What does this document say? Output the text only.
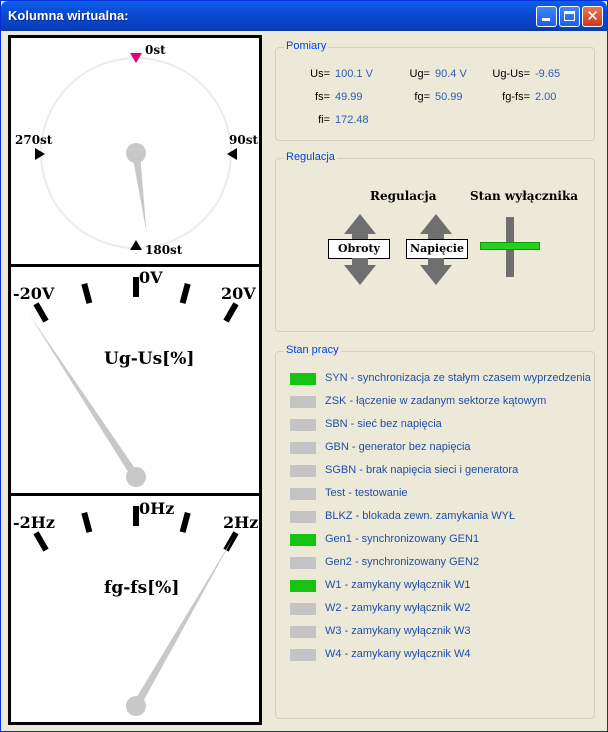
Kolumna wirtualna:	✕
0st
270st	90st
180st
-20V
0V
20V
Ug-Us[%]
-2Hz
0Hz
2Hz
fg-fs[%]
Pomiary
Us= 100.1 V	Ug= 90.4 V	Ug-Us= -9.65
fs= 49.99	fg= 50.99	fg-fs= 2.00
fi= 172.48
Regulacja
Regulacja	Stan wyłącznika
Obroty	Napięcie
Stan pracy
SYN - synchronizacja ze stałym czasem wyprzedzenia
ZSK - łączenie w zadanym sektorze kątowym
SBN - sieć bez napięcia
GBN - generator bez napięcia
SGBN - brak napięcia sieci i generatora
Test - testowanie
BLKZ - blokada zewn. zamykania WYŁ
Gen1 - synchronizowany GEN1
Gen2 - synchronizowany GEN2
W1 - zamykany wyłącznik W1
W2 - zamykany wyłącznik W2
W3 - zamykany wyłącznik W3
W4 - zamykany wyłącznik W4
